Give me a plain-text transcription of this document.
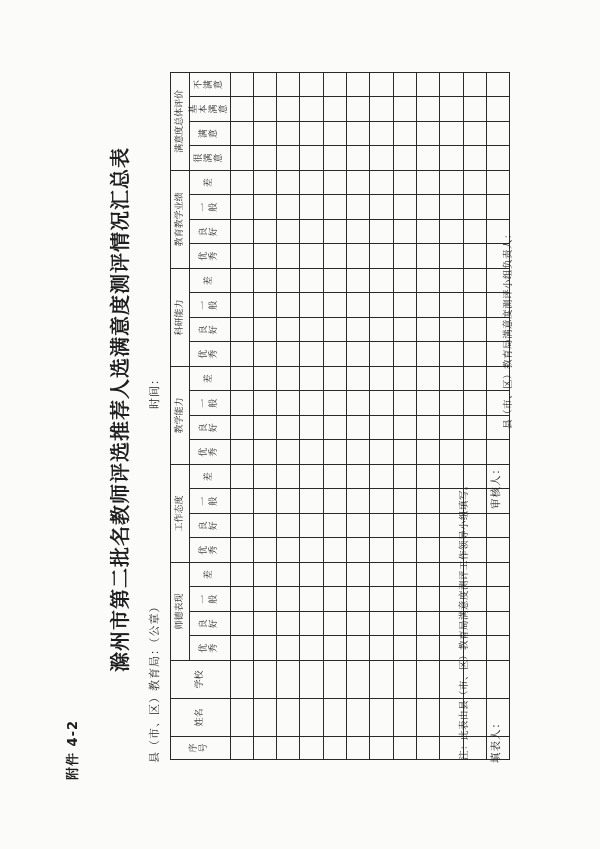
附件 4-2
滁州市第二批名教师评选推荐人选满意度测评情况汇总表
县（市、区）教育局：（公章）
时间：
序号	姓名	学校	师德表现				工作态度				教学能力				科研能力				教育教学业绩				满意度总体评价			
			优秀	良好	一般	差	优秀	良好	一般	差	优秀	良好	一般	差	优秀	良好	一般	差	优秀	良好	一般	差	很满意	满意	基本满意	不满意

注：此表由县（市、区）教育局满意度测评工作领导小组填写。 填表人：
审核人：
县（市、区）教育局满意度测评小组负责人：
